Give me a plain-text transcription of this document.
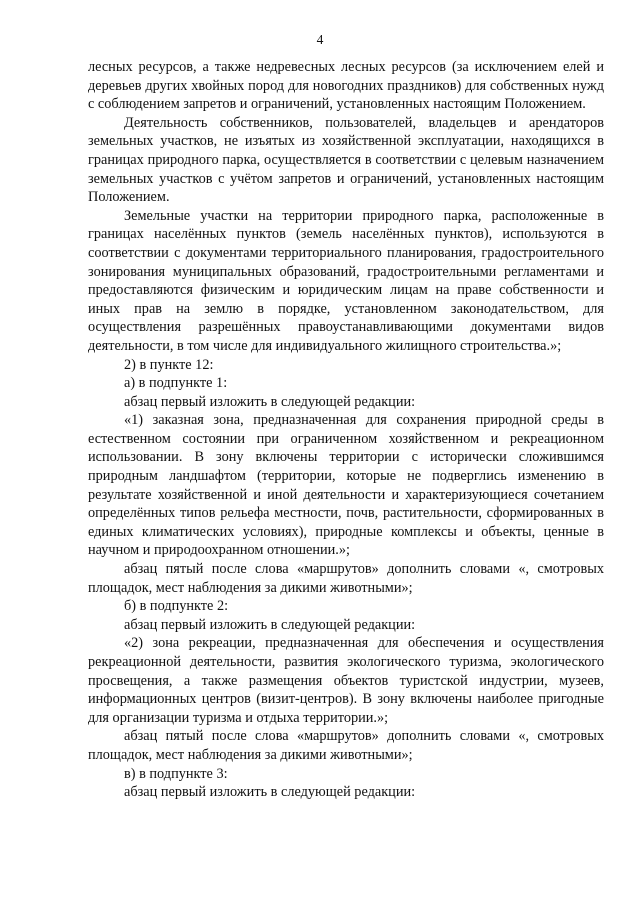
4

лесных ресурсов, а также недревесных лесных ресурсов (за исключением елей и деревьев других хвойных пород для новогодних праздников) для собственных нужд с соблюдением запретов и ограничений, установленных настоящим Положением.

Деятельность собственников, пользователей, владельцев и арендаторов земельных участков, не изъятых из хозяйственной эксплуатации, находящихся в границах природного парка, осуществляется в соответствии с целевым назначением земельных участков с учётом запретов и ограничений, установленных настоящим Положением.

Земельные участки на территории природного парка, расположенные в границах населённых пунктов (земель населённых пунктов), используются в соответствии с документами территориального планирования, градостроительного зонирования муниципальных образований, градостроительными регламентами и предоставляются физическим и юридическим лицам на праве собственности и иных прав на землю в порядке, установленном законодательством, для осуществления разрешённых правоустанавливающими документами видов деятельности, в том числе для индивидуального жилищного строительства.»;

2) в пункте 12:

а) в подпункте 1:

абзац первый изложить в следующей редакции:

«1) заказная зона, предназначенная для сохранения природной среды в естественном состоянии при ограниченном хозяйственном и рекреационном использовании. В зону включены территории с исторически сложившимся природным ландшафтом (территории, которые не подверглись изменению в результате хозяйственной и иной деятельности и характеризующиеся сочетанием определённых типов рельефа местности, почв, растительности, сформированных в единых климатических условиях), природные комплексы и объекты, ценные в научном и природоохранном отношении.»;

абзац пятый после слова «маршрутов» дополнить словами «, смотровых площадок, мест наблюдения за дикими животными»;

б) в подпункте 2:

абзац первый изложить в следующей редакции:

«2) зона рекреации, предназначенная для обеспечения и осуществления рекреационной деятельности, развития экологического туризма, экологического просвещения, а также размещения объектов туристской индустрии, музеев, информационных центров (визит-центров). В зону включены наиболее пригодные для организации туризма и отдыха территории.»;

абзац пятый после слова «маршрутов» дополнить словами «, смотровых площадок, мест наблюдения за дикими животными»;

в) в подпункте 3:

абзац первый изложить в следующей редакции:
